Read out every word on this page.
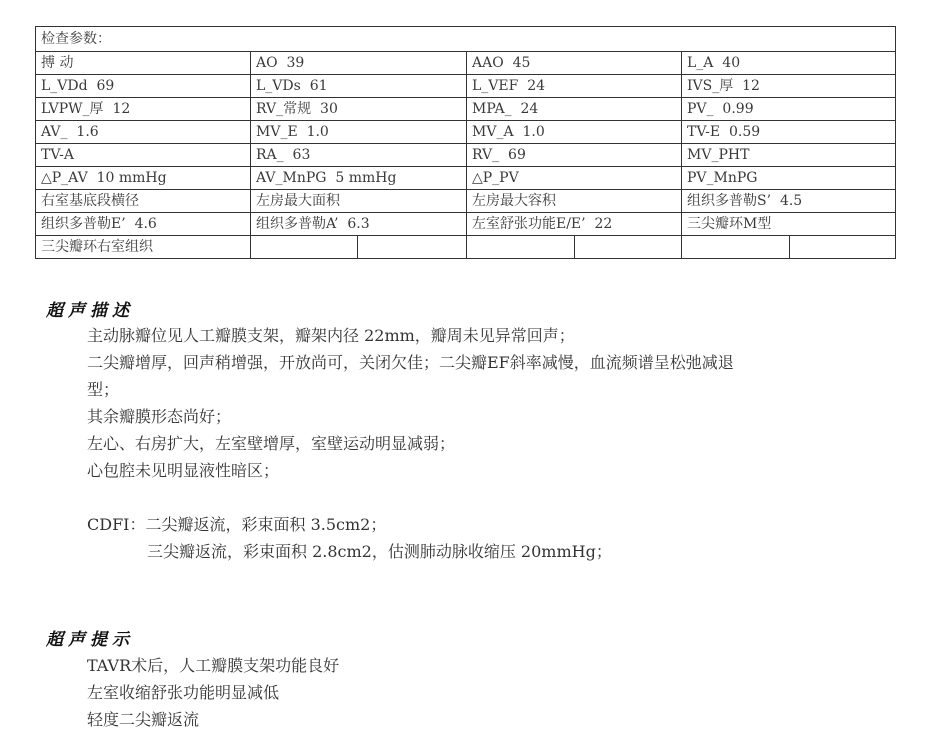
检查参数：						
搏 动	AO  39		AAO  45		L_A  40	
L_VDd  69	L_VDs  61		L_VEF  24		IVS_厚  12	
LVPW_厚  12	RV_常规  30		MPA_  24		PV_  0.99	
AV_  1.6	MV_E  1.0		MV_A  1.0		TV-E  0.59	
TV-A	RA_  63		RV_  69		MV_PHT	
△P_AV  10 mmHg	AV_MnPG  5 mmHg		△P_PV		PV_MnPG	
右室基底段横径	左房最大面积		左房最大容积		组织多普勒S’  4.5	
组织多普勒E’  4.6	组织多普勒A’  6.3		左室舒张功能E/E’  22		三尖瓣环M型	
三尖瓣环右室组织						
超声描述
主动脉瓣位见人工瓣膜支架，瓣架内径 22mm，瓣周未见异常回声；
二尖瓣增厚，回声稍增强，开放尚可，关闭欠佳；二尖瓣EF斜率减慢，血流频谱呈松弛减退
型；
其余瓣膜形态尚好；
左心、右房扩大，左室壁增厚，室壁运动明显减弱；
心包腔未见明显液性暗区；
CDFI：二尖瓣返流，彩束面积 3.5cm2；
三尖瓣返流，彩束面积 2.8cm2，估测肺动脉收缩压 20mmHg；
超声提示
TAVR术后，人工瓣膜支架功能良好
左室收缩舒张功能明显减低
轻度二尖瓣返流
